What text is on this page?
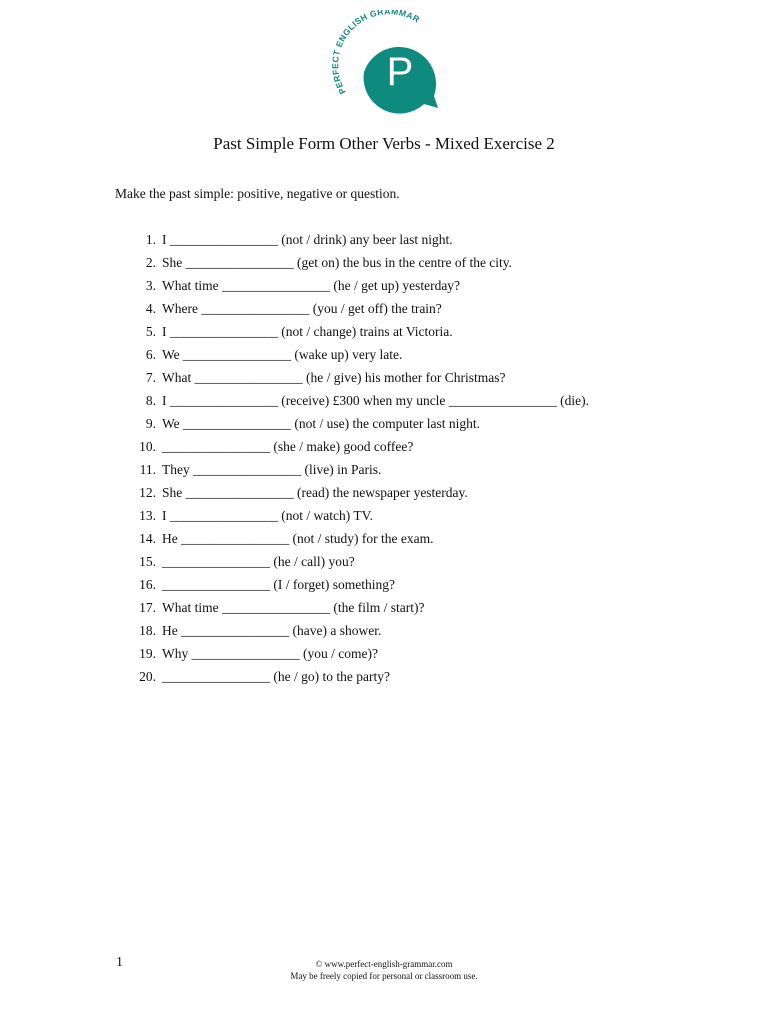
PERFECT ENGLISH GRAMMAR
P
Past Simple Form Other Verbs - Mixed Exercise 2
Make the past simple: positive, negative or question.
1. I ________________ (not / drink) any beer last night.
2. She ________________ (get on) the bus in the centre of the city.
3. What time ________________ (he / get up) yesterday?
4. Where ________________ (you / get off) the train?
5. I ________________ (not / change) trains at Victoria.
6. We ________________ (wake up) very late.
7. What ________________ (he / give) his mother for Christmas?
8. I ________________ (receive) £300 when my uncle ________________ (die).
9. We ________________ (not / use) the computer last night.
10. ________________ (she / make) good coffee?
11. They ________________ (live) in Paris.
12. She ________________ (read) the newspaper yesterday.
13. I ________________ (not / watch) TV.
14. He ________________ (not / study) for the exam.
15. ________________ (he / call) you?
16. ________________ (I / forget) something?
17. What time ________________ (the film / start)?
18. He ________________ (have) a shower.
19. Why ________________ (you / come)?
20. ________________ (he / go) to the party?
1	© www.perfect-english-grammar.com
May be freely copied for personal or classroom use.
